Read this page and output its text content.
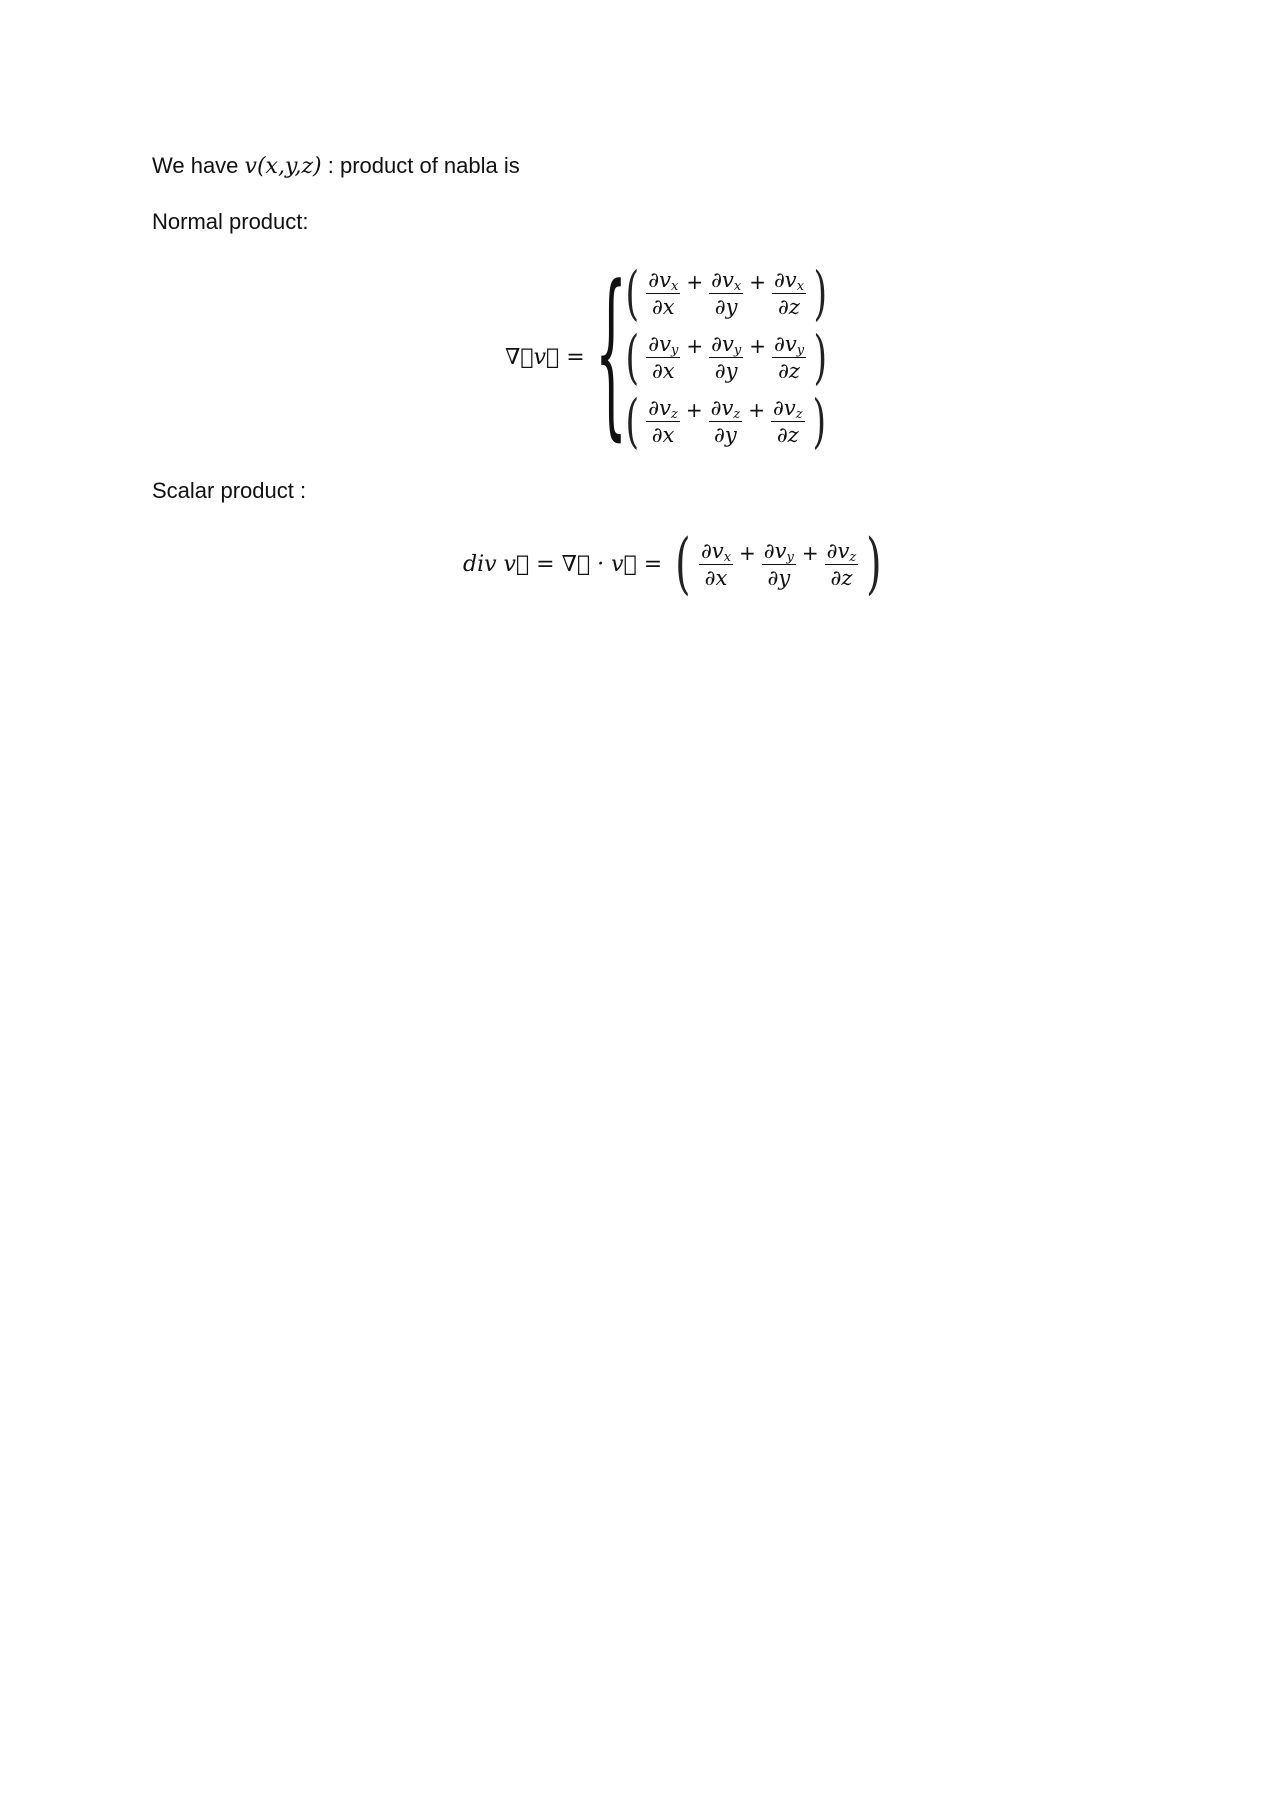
We have v(x,y,z) : product of nabla is
Normal product:
∇⃗v⃗ = {
( $\frac{\partial v_x}{\partial x} + \frac{\partial v_x}{\partial y} + \frac{\partial v_x}{\partial z}$ )
( $\frac{\partial v_y}{\partial x} + \frac{\partial v_y}{\partial y} + \frac{\partial v_y}{\partial z}$ )
( $\frac{\partial v_z}{\partial x} + \frac{\partial v_z}{\partial y} + \frac{\partial v_z}{\partial z}$ )
Scalar product :
div v⃗ = ∇⃗ · v⃗ = ( $\frac{\partial v_x}{\partial x} + \frac{\partial v_y}{\partial y} + \frac{\partial v_z}{\partial z}$ )
